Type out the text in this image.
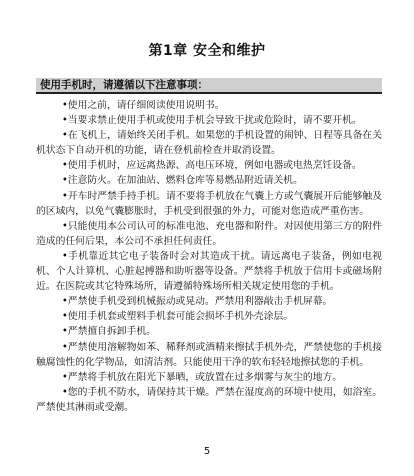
第1章 安全和维护
使用手机时，请遵循以下注意事项：

•使用之前，请仔细阅读使用说明书。

•当要求禁止使用手机或使用手机会导致干扰或危险时，请不要开机。

•在飞机上，请始终关闭手机。如果您的手机设置的闹钟、日程等具备在关机状态下自动开机的功能，请在登机前检查并取消设置。

•使用手机时，应远离热源、高电压环境，例如电器或电热烹饪设备。

•注意防火。在加油站、燃料仓库等易燃品附近请关机。

•开车时严禁手持手机。请不要将手机放在气囊上方或气囊展开后能够触及的区域内，以免气囊膨胀时，手机受到很强的外力，可能对您造成严重伤害。

•只能使用本公司认可的标准电池、充电器和附件。对因使用第三方的附件造成的任何后果，本公司不承担任何责任。

•手机靠近其它电子装备时会对其造成干扰。请远离电子装备，例如电视机、个人计算机、心脏起搏器和助听器等设备。严禁将手机放于信用卡或磁场附近。在医院或其它特殊场所，请遵循特殊场所相关规定使用您的手机。

•严禁使手机受到机械振动或晃动。严禁用利器敲击手机屏幕。

•使用手机套或塑料手机套可能会损坏手机外壳涂层。

•严禁擅自拆卸手机。

•严禁使用溶解物如苯、稀释剂或酒精来擦拭手机外壳，严禁使您的手机接触腐蚀性的化学物品，如清洁剂。只能使用干净的软布轻轻地擦拭您的手机。

•严禁将手机放在阳光下暴晒，或放置在过多烟雾与灰尘的地方。

•您的手机不防水，请保持其干燥。严禁在湿度高的环境中使用，如浴室。严禁使其淋雨或受潮。

5
